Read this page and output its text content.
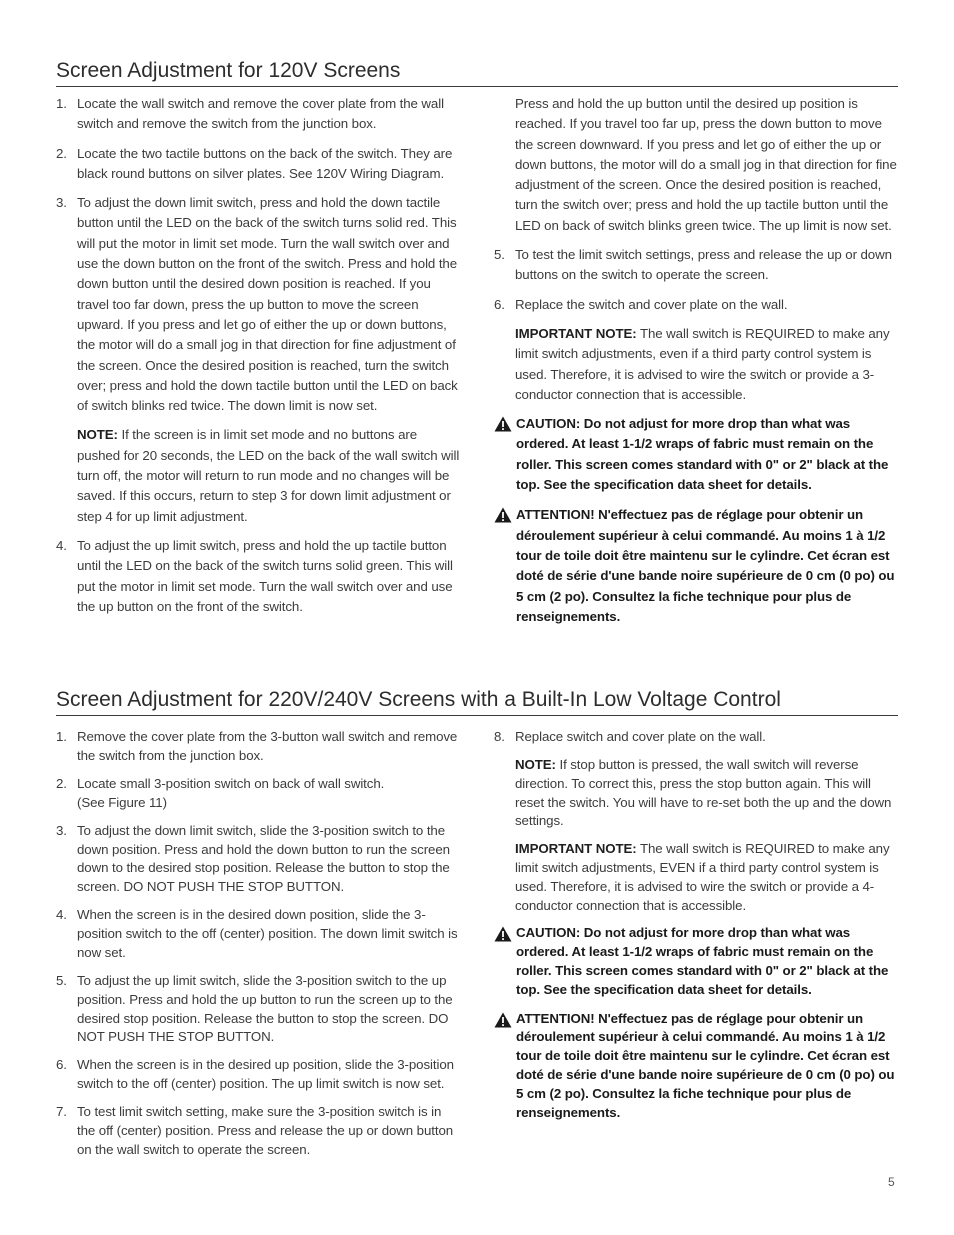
Screen Adjustment for 120V Screens
1. Locate the wall switch and remove the cover plate from the wall switch and remove the switch from the junction box.
2. Locate the two tactile buttons on the back of the switch. They are black round buttons on silver plates. See 120V Wiring Diagram.
3. To adjust the down limit switch, press and hold the down tactile button until the LED on the back of the switch turns solid red. This will put the motor in limit set mode. Turn the wall switch over and use the down button on the front of the switch. Press and hold the down button until the desired down position is reached. If you travel too far down, press the up button to move the screen upward. If you press and let go of either the up or down buttons, the motor will do a small jog in that direction for fine adjustment of the screen. Once the desired position is reached, turn the switch over; press and hold the down tactile button until the LED on back of switch blinks red twice. The down limit is now set.
NOTE: If the screen is in limit set mode and no buttons are pushed for 20 seconds, the LED on the back of the wall switch will turn off, the motor will return to run mode and no changes will be saved. If this occurs, return to step 3 for down limit adjustment or step 4 for up limit adjustment.
4. To adjust the up limit switch, press and hold the up tactile button until the LED on the back of the switch turns solid green. This will put the motor in limit set mode. Turn the wall switch over and use the up button on the front of the switch.
Press and hold the up button until the desired up position is reached. If you travel too far up, press the down button to move the screen downward. If you press and let go of either the up or down buttons, the motor will do a small jog in that direction for fine adjustment of the screen. Once the desired position is reached, turn the switch over; press and hold the up tactile button until the LED on back of switch blinks green twice. The up limit is now set.
5. To test the limit switch settings, press and release the up or down buttons on the switch to operate the screen.
6. Replace the switch and cover plate on the wall.
IMPORTANT NOTE: The wall switch is REQUIRED to make any limit switch adjustments, even if a third party control system is used. Therefore, it is advised to wire the switch or provide a 3-conductor connection that is accessible.
CAUTION: Do not adjust for more drop than what was ordered. At least 1-1/2 wraps of fabric must remain on the roller. This screen comes standard with 0" or 2" black at the top. See the specification data sheet for details.
ATTENTION! N'effectuez pas de réglage pour obtenir un déroulement supérieur à celui commandé. Au moins 1 à 1/2 tour de toile doit être maintenu sur le cylindre. Cet écran est doté de série d'une bande noire supérieure de 0 cm (0 po) ou 5 cm (2 po). Consultez la fiche technique pour plus de renseignements.
Screen Adjustment for 220V/240V Screens with a Built-In Low Voltage Control
1. Remove the cover plate from the 3-button wall switch and remove the switch from the junction box.
2. Locate small 3-position switch on back of wall switch.
(See Figure 11)
3. To adjust the down limit switch, slide the 3-position switch to the down position. Press and hold the down button to run the screen down to the desired stop position. Release the button to stop the screen. DO NOT PUSH THE STOP BUTTON.
4. When the screen is in the desired down position, slide the 3-position switch to the off (center) position. The down limit switch is now set.
5. To adjust the up limit switch, slide the 3-position switch to the up position. Press and hold the up button to run the screen up to the desired stop position. Release the button to stop the screen. DO NOT PUSH THE STOP BUTTON.
6. When the screen is in the desired up position, slide the 3-position switch to the off (center) position. The up limit switch is now set.
7. To test limit switch setting, make sure the 3-position switch is in the off (center) position. Press and release the up or down button on the wall switch to operate the screen.
8. Replace switch and cover plate on the wall.
NOTE: If stop button is pressed, the wall switch will reverse direction. To correct this, press the stop button again. This will reset the switch. You will have to re-set both the up and the down settings.
IMPORTANT NOTE: The wall switch is REQUIRED to make any limit switch adjustments, EVEN if a third party control system is used. Therefore, it is advised to wire the switch or provide a 4-conductor connection that is accessible.
CAUTION: Do not adjust for more drop than what was ordered. At least 1-1/2 wraps of fabric must remain on the roller. This screen comes standard with 0" or 2" black at the top. See the specification data sheet for details.
ATTENTION! N'effectuez pas de réglage pour obtenir un déroulement supérieur à celui commandé. Au moins 1 à 1/2 tour de toile doit être maintenu sur le cylindre. Cet écran est doté de série d'une bande noire supérieure de 0 cm (0 po) ou 5 cm (2 po). Consultez la fiche technique pour plus de renseignements.
5
